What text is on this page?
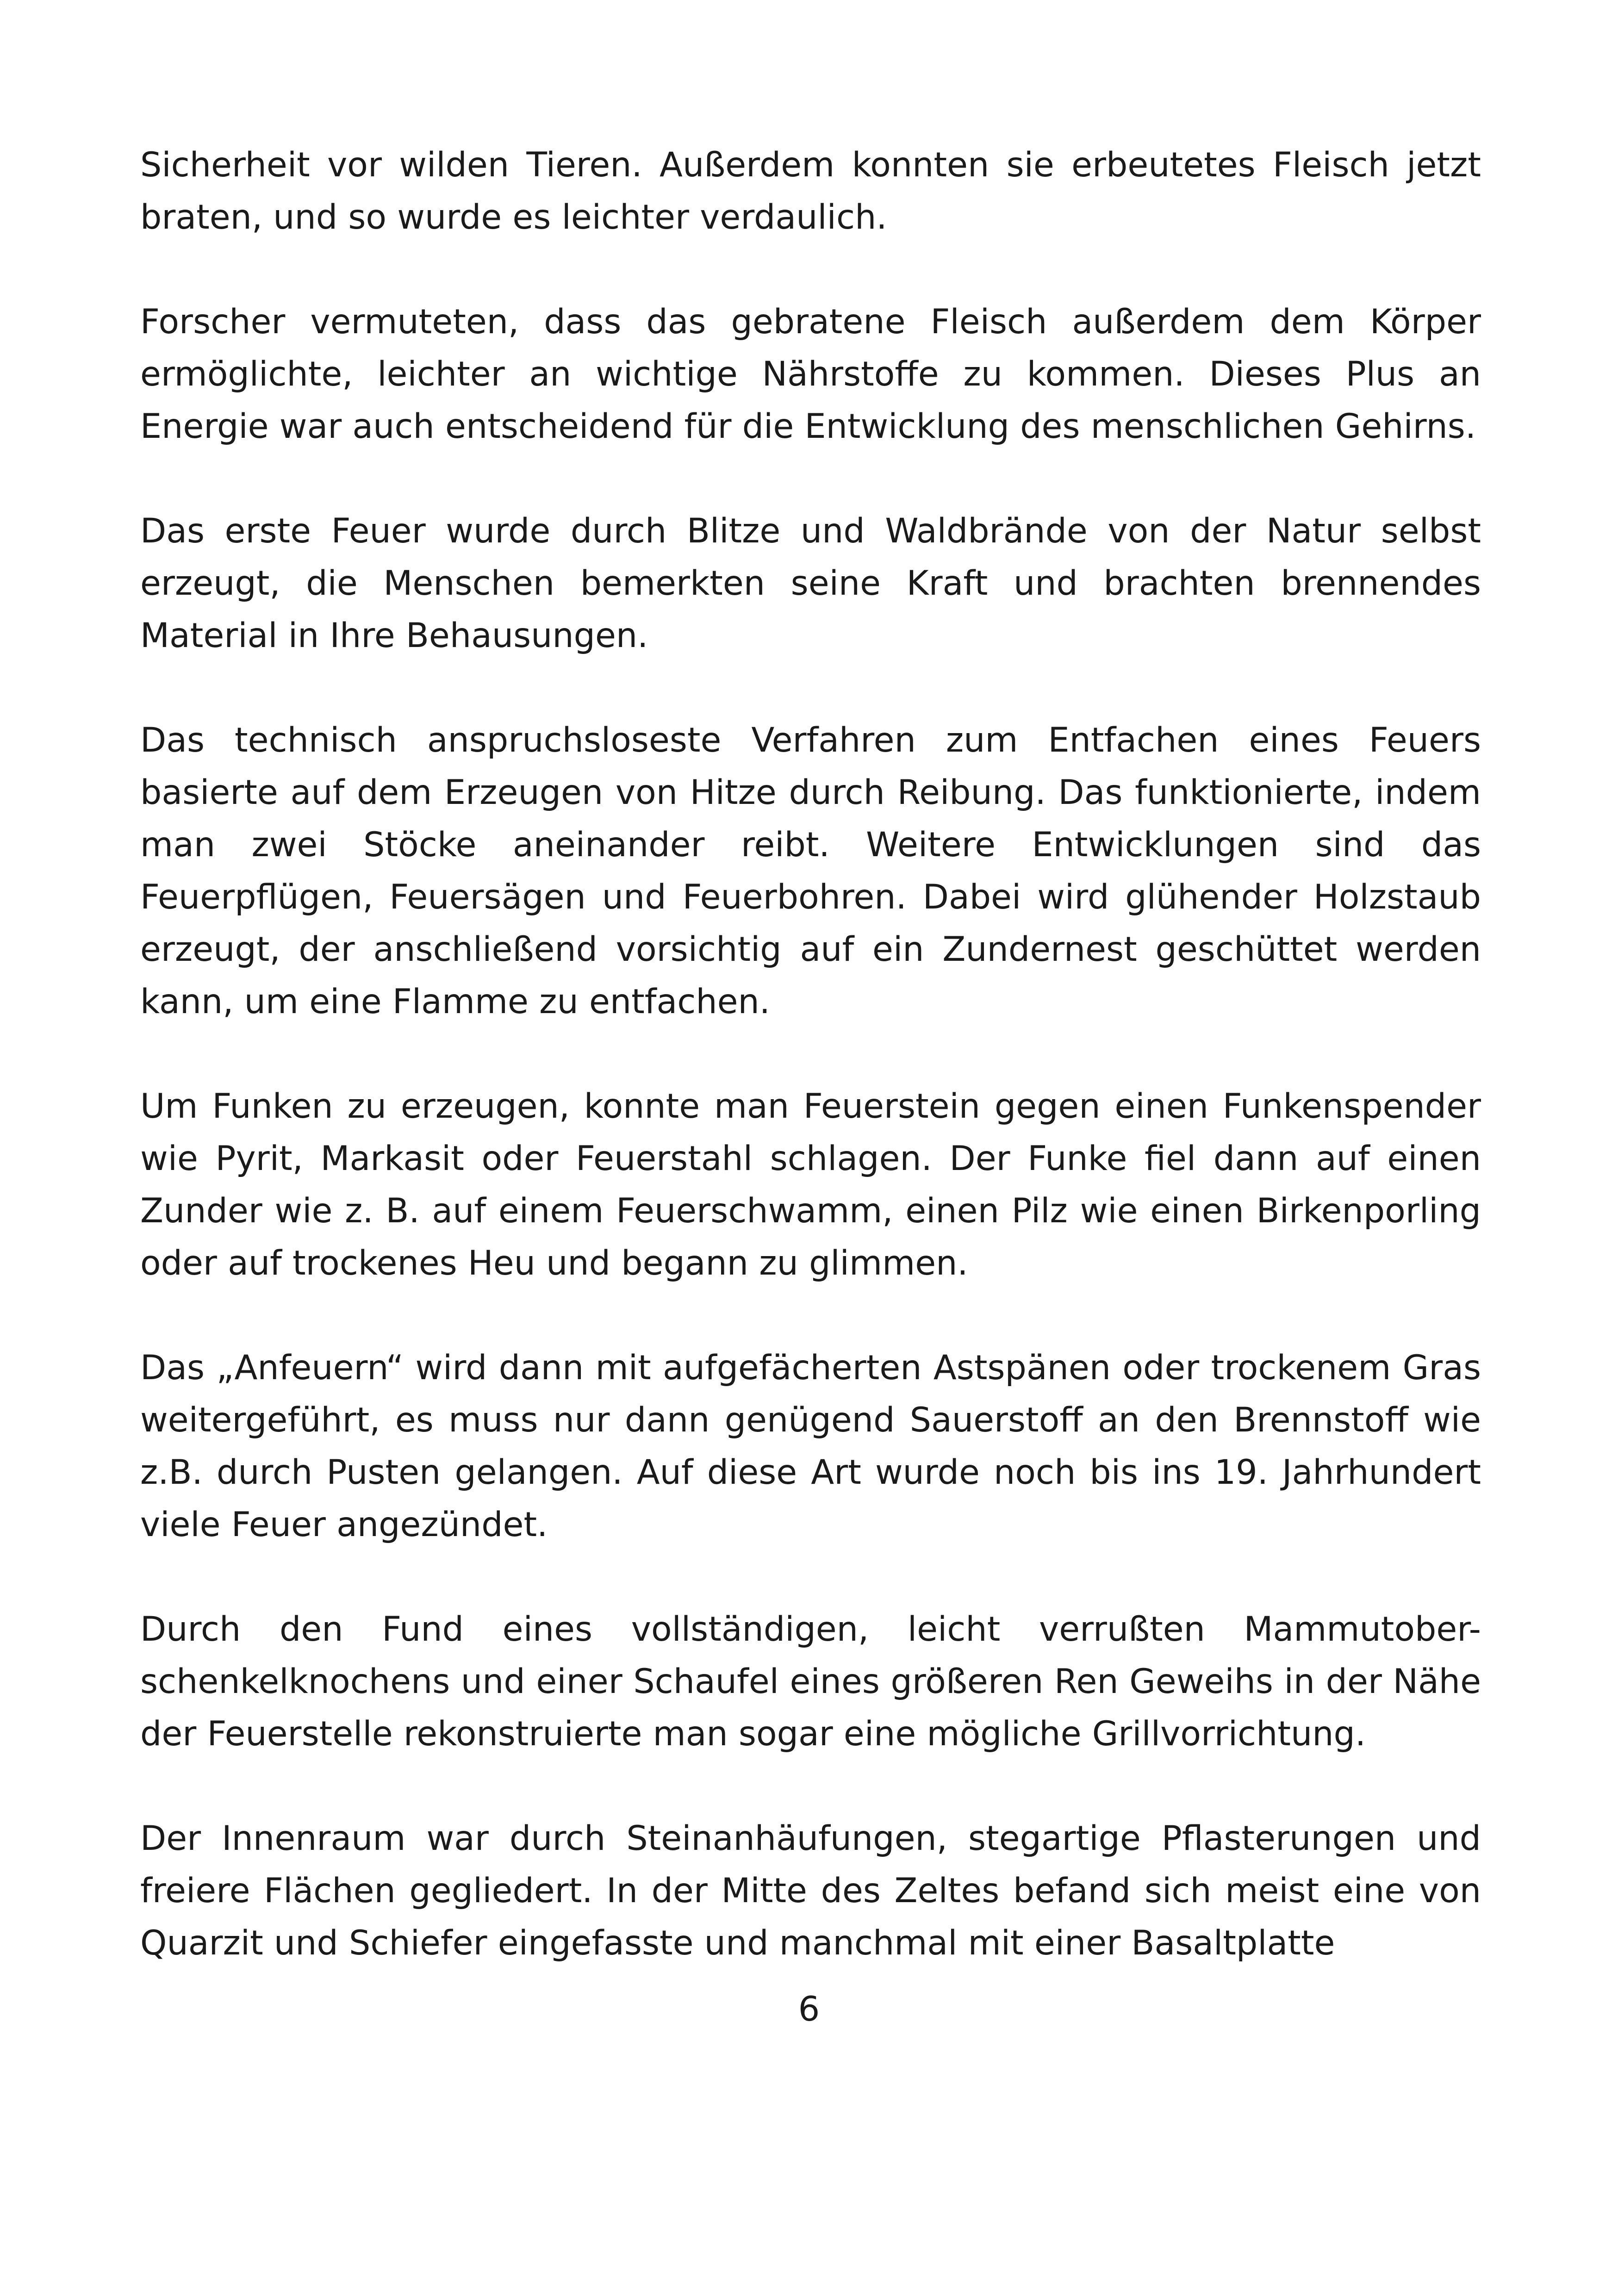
Sicherheit vor wilden Tieren. Außerdem konnten sie erbeutetes Fleisch jetzt braten, und so wurde es leichter verdaulich.

Forscher vermuteten, dass das gebratene Fleisch außerdem dem Körper ermöglichte, leichter an wichtige Nährstoffe zu kommen. Dieses Plus an Energie war auch entscheidend für die Entwicklung des menschlichen Gehirns.

Das erste Feuer wurde durch Blitze und Waldbrände von der Natur selbst erzeugt, die Menschen bemerkten seine Kraft und brachten brennendes Material in Ihre Behausungen.

Das technisch anspruchsloseste Verfahren zum Entfachen eines Feuers basierte auf dem Erzeugen von Hitze durch Reibung. Das funktionierte, indem man zwei Stöcke aneinander reibt. Weitere Entwicklungen sind das Feuerpflügen, Feuersägen und Feuerbohren. Dabei wird glühender Holzstaub erzeugt, der anschließend vorsichtig auf ein Zundernest geschüttet werden kann, um eine Flamme zu entfachen.

Um Funken zu erzeugen, konnte man Feuerstein gegen einen Funkenspender wie Pyrit, Markasit oder Feuerstahl schlagen. Der Funke fiel dann auf einen Zunder wie z. B. auf einem Feuerschwamm, einen Pilz wie einen Birkenporling oder auf trockenes Heu und begann zu glimmen.

Das „Anfeuern“ wird dann mit aufgefächerten Astspänen oder trockenem Gras weitergeführt, es muss nur dann genügend Sauerstoff an den Brennstoff wie z.B. durch Pusten gelangen. Auf diese Art wurde noch bis ins 19. Jahrhundert viele Feuer angezündet.

Durch den Fund eines vollständigen, leicht verrußten Mammutober-schenkelknochens und einer Schaufel eines größeren Ren Geweihs in der Nähe der Feuerstelle rekonstruierte man sogar eine mögliche Grillvorrichtung.

Der Innenraum war durch Steinanhäufungen, stegartige Pflasterungen und freiere Flächen gegliedert. In der Mitte des Zeltes befand sich meist eine von Quarzit und Schiefer eingefasste und manchmal mit einer Basaltplatte

6
